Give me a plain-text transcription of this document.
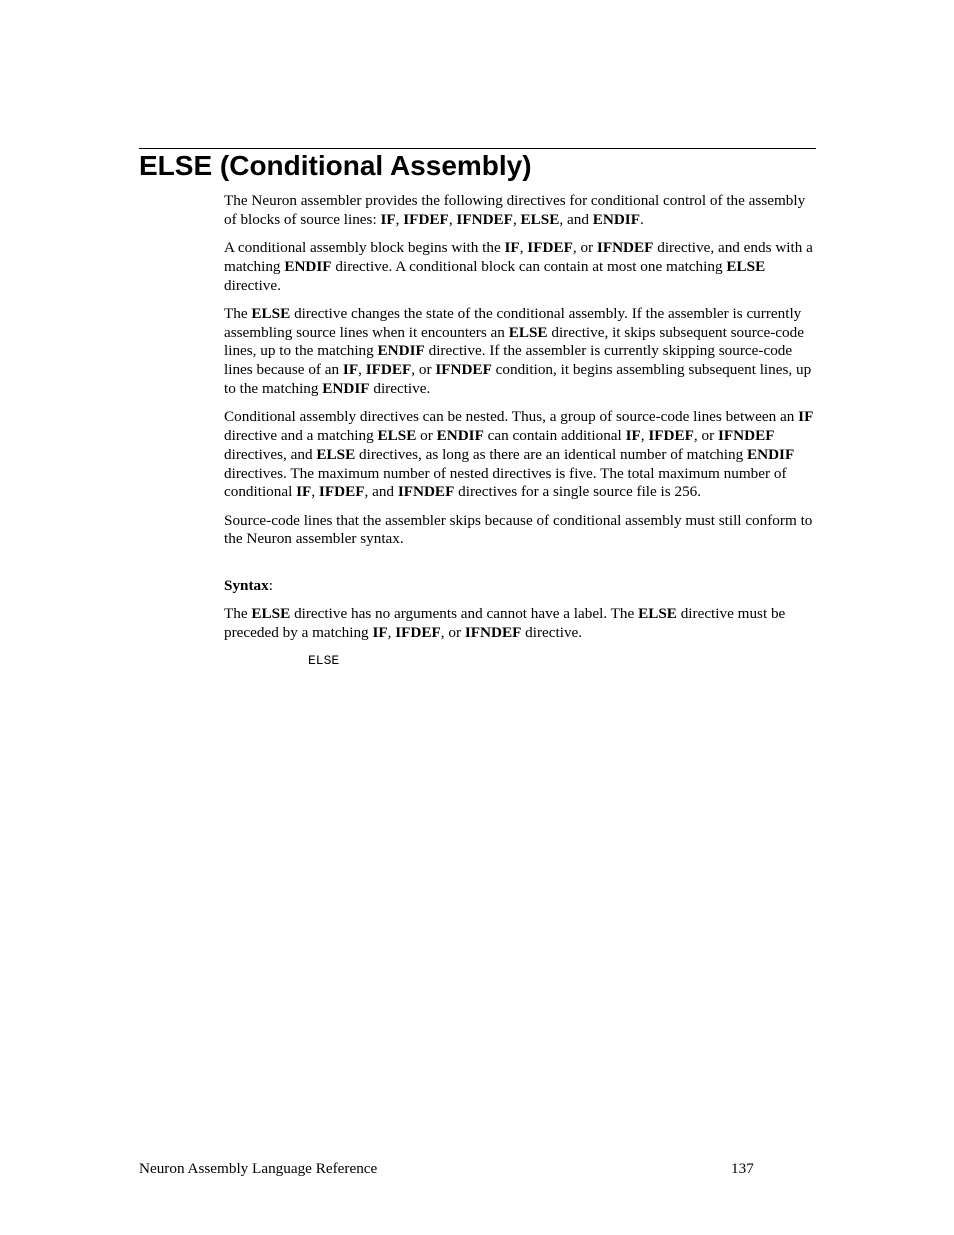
ELSE (Conditional Assembly)

The Neuron assembler provides the following directives for conditional control of the assembly of blocks of source lines: IF, IFDEF, IFNDEF, ELSE, and ENDIF.

A conditional assembly block begins with the IF, IFDEF, or IFNDEF directive, and ends with a matching ENDIF directive. A conditional block can contain at most one matching ELSE directive.

The ELSE directive changes the state of the conditional assembly. If the assembler is currently assembling source lines when it encounters an ELSE directive, it skips subsequent source-code lines, up to the matching ENDIF directive. If the assembler is currently skipping source-code lines because of an IF, IFDEF, or IFNDEF condition, it begins assembling subsequent lines, up to the matching ENDIF directive.

Conditional assembly directives can be nested. Thus, a group of source-code lines between an IF directive and a matching ELSE or ENDIF can contain additional IF, IFDEF, or IFNDEF directives, and ELSE directives, as long as there are an identical number of matching ENDIF directives. The maximum number of nested directives is five. The total maximum number of conditional IF, IFDEF, and IFNDEF directives for a single source file is 256.

Source-code lines that the assembler skips because of conditional assembly must still conform to the Neuron assembler syntax.

Syntax:

The ELSE directive has no arguments and cannot have a label. The ELSE directive must be preceded by a matching IF, IFDEF, or IFNDEF directive.

ELSE
Neuron Assembly Language Reference	137
